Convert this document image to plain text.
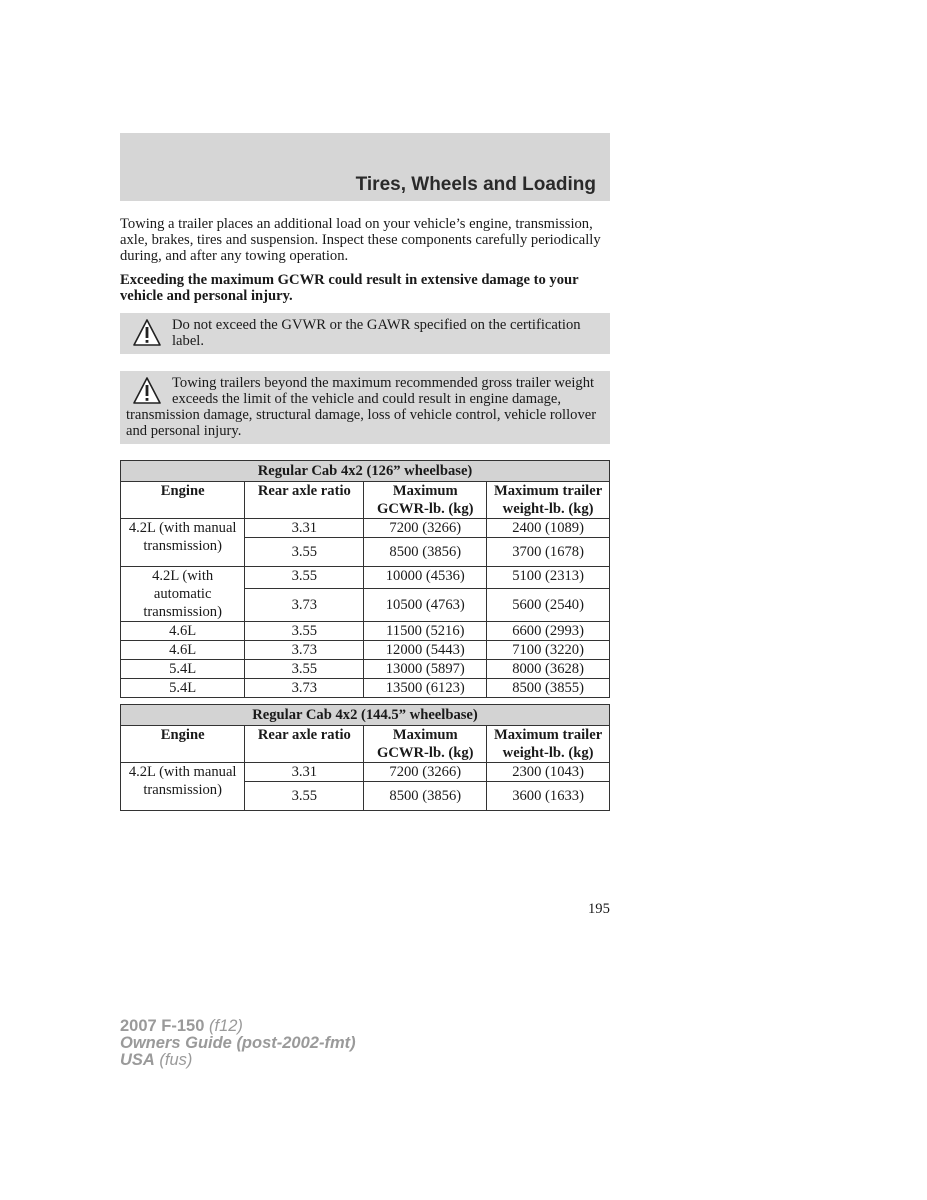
Tires, Wheels and Loading

Towing a trailer places an additional load on your vehicle’s engine, transmission, axle, brakes, tires and suspension. Inspect these components carefully periodically during, and after any towing operation.

Exceeding the maximum GCWR could result in extensive damage to your vehicle and personal injury.

Do not exceed the GVWR or the GAWR specified on the certification label.
Towing trailers beyond the maximum recommended gross trailer weight exceeds the limit of the vehicle and could result in engine damage, transmission damage, structural damage, loss of vehicle control, vehicle rollover and personal injury.
Regular Cab 4x2 (126” wheelbase)			
Engine	Rear axle ratio	Maximum GCWR-lb. (kg)	Maximum trailer weight-lb. (kg)
4.2L (with manual transmission)	3.31	7200 (3266)	2400 (1089)
	3.55	8500 (3856)	3700 (1678)
4.2L (with automatic transmission)	3.55	10000 (4536)	5100 (2313)
	3.73	10500 (4763)	5600 (2540)
4.6L	3.55	11500 (5216)	6600 (2993)
4.6L	3.73	12000 (5443)	7100 (3220)
5.4L	3.55	13000 (5897)	8000 (3628)
5.4L	3.73	13500 (6123)	8500 (3855)
Regular Cab 4x2 (144.5” wheelbase)			
Engine	Rear axle ratio	Maximum GCWR-lb. (kg)	Maximum trailer weight-lb. (kg)
4.2L (with manual transmission)	3.31	7200 (3266)	2300 (1043)
	3.55	8500 (3856)	3600 (1633)
195
2007 F-150 (f12)
Owners Guide (post-2002-fmt)
USA (fus)
